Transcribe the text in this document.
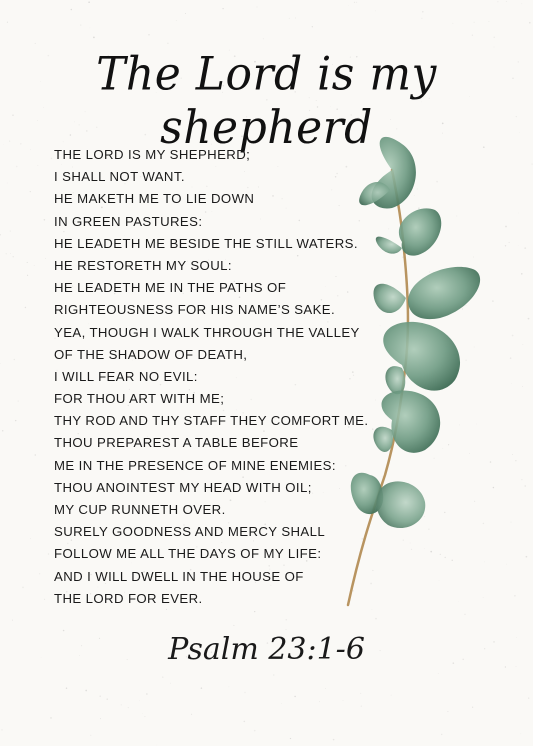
The Lord is my shepherd
THE LORD IS MY SHEPHERD;
I SHALL NOT WANT.
HE MAKETH ME TO LIE DOWN
IN GREEN PASTURES:
HE LEADETH ME BESIDE THE STILL WATERS.
HE RESTORETH MY SOUL:
HE LEADETH ME IN THE PATHS OF
RIGHTEOUSNESS FOR HIS NAME’S SAKE.
YEA, THOUGH I WALK THROUGH THE VALLEY
OF THE SHADOW OF DEATH,
I WILL FEAR NO EVIL:
FOR THOU ART WITH ME;
THY ROD AND THY STAFF THEY COMFORT ME.
THOU PREPAREST A TABLE BEFORE
ME IN THE PRESENCE OF MINE ENEMIES:
THOU ANOINTEST MY HEAD WITH OIL;
MY CUP RUNNETH OVER.
SURELY GOODNESS AND MERCY SHALL
FOLLOW ME ALL THE DAYS OF MY LIFE:
AND I WILL DWELL IN THE HOUSE OF
THE LORD FOR EVER.
Psalm 23:1-6
